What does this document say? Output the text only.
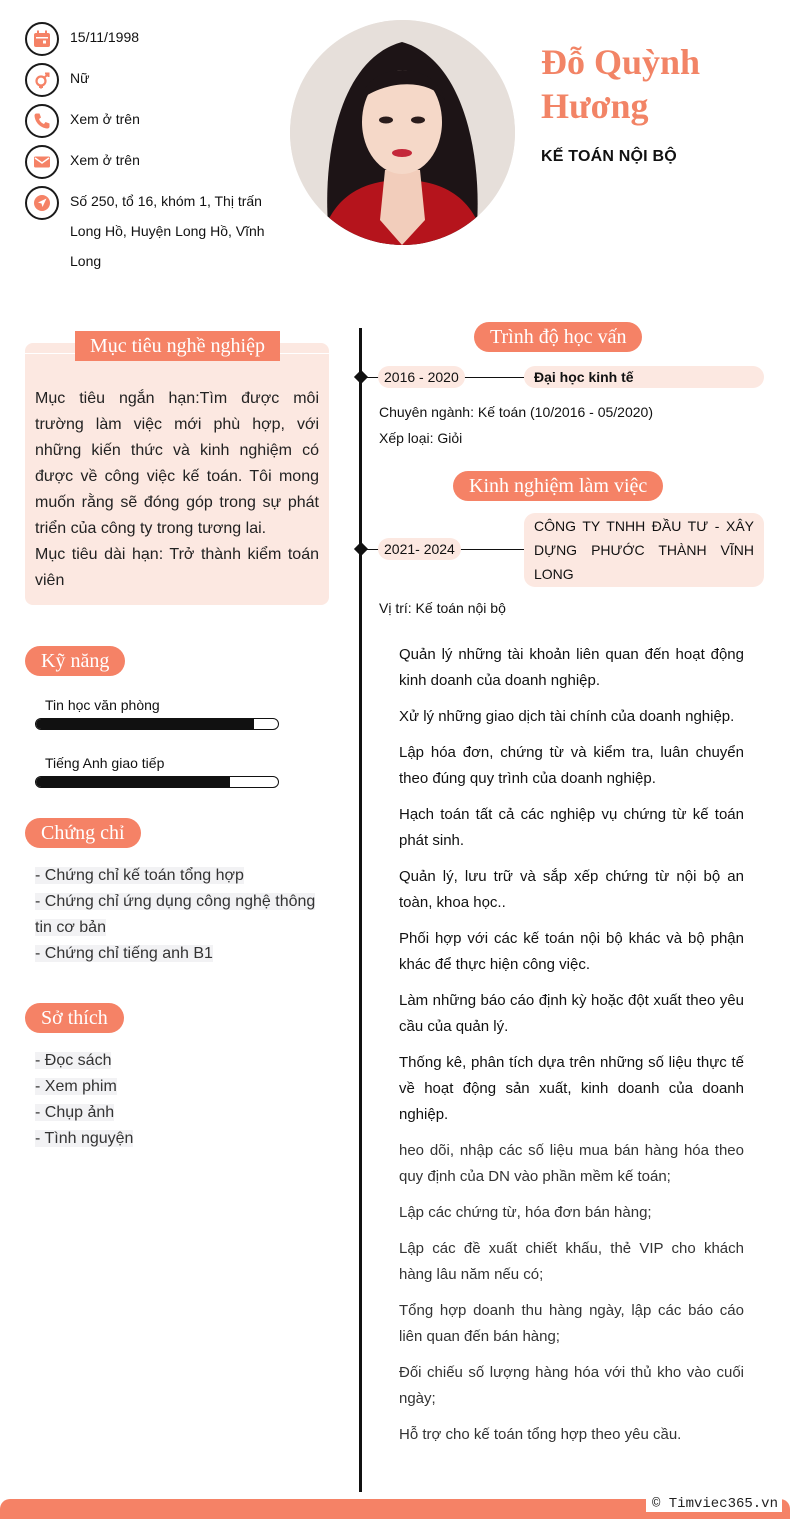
15/11/1998
Nữ
Xem ở trên
Xem ở trên
Số 250, tổ 16, khóm 1, Thị trấn Long Hồ, Huyện Long Hồ, Vĩnh Long
Đỗ Quỳnh Hương
KẾ TOÁN NỘI BỘ
Mục tiêu nghề nghiệp
Mục tiêu ngắn hạn:Tìm được môi trường làm việc mới phù hợp, với những kiến thức và kinh nghiệm có được về công việc kế toán. Tôi mong muốn rằng sẽ đóng góp trong sự phát triển của công ty trong tương lai.
Mục tiêu dài hạn: Trở thành kiểm toán viên
Kỹ năng
Tin học văn phòng
Tiếng Anh giao tiếp
Chứng chỉ
- Chứng chỉ kế toán tổng hợp
- Chứng chỉ ứng dụng công nghệ thông tin cơ bản
- Chứng chỉ tiếng anh B1
Sở thích
- Đọc sách
- Xem phim
- Chụp ảnh
- Tình nguyện
Trình độ học vấn
2016 - 2020	Đại học kinh tế
Chuyên ngành: Kế toán (10/2016 - 05/2020)
Xếp loại: Giỏi
Kinh nghiệm làm việc
2021- 2024
CÔNG TY TNHH ĐẦU TƯ - XÂY DỰNG PHƯỚC THÀNH VĨNH LONG
Vị trí: Kế toán nội bộ

Quản lý những tài khoản liên quan đến hoạt động kinh doanh của doanh nghiệp.

Xử lý những giao dịch tài chính của doanh nghiệp.

Lập hóa đơn, chứng từ và kiểm tra, luân chuyển theo đúng quy trình của doanh nghiệp.

Hạch toán tất cả các nghiệp vụ chứng từ kế toán phát sinh.

Quản lý, lưu trữ và sắp xếp chứng từ nội bộ an toàn, khoa học..

Phối hợp với các kế toán nội bộ khác và bộ phận khác để thực hiện công việc.

Làm những báo cáo định kỳ hoặc đột xuất theo yêu cầu của quản lý.

Thống kê, phân tích dựa trên những số liệu thực tế về hoạt động sản xuất, kinh doanh của doanh nghiệp.

heo dõi, nhập các số liệu mua bán hàng hóa theo quy định của DN vào phần mềm kế toán;

Lập các chứng từ, hóa đơn bán hàng;

Lập các đề xuất chiết khấu, thẻ VIP cho khách hàng lâu năm nếu có;

Tổng hợp doanh thu hàng ngày, lập các báo cáo liên quan đến bán hàng;

Đối chiếu số lượng hàng hóa với thủ kho vào cuối ngày;

Hỗ trợ cho kế toán tổng hợp theo yêu cầu.

© Timviec365.vn
